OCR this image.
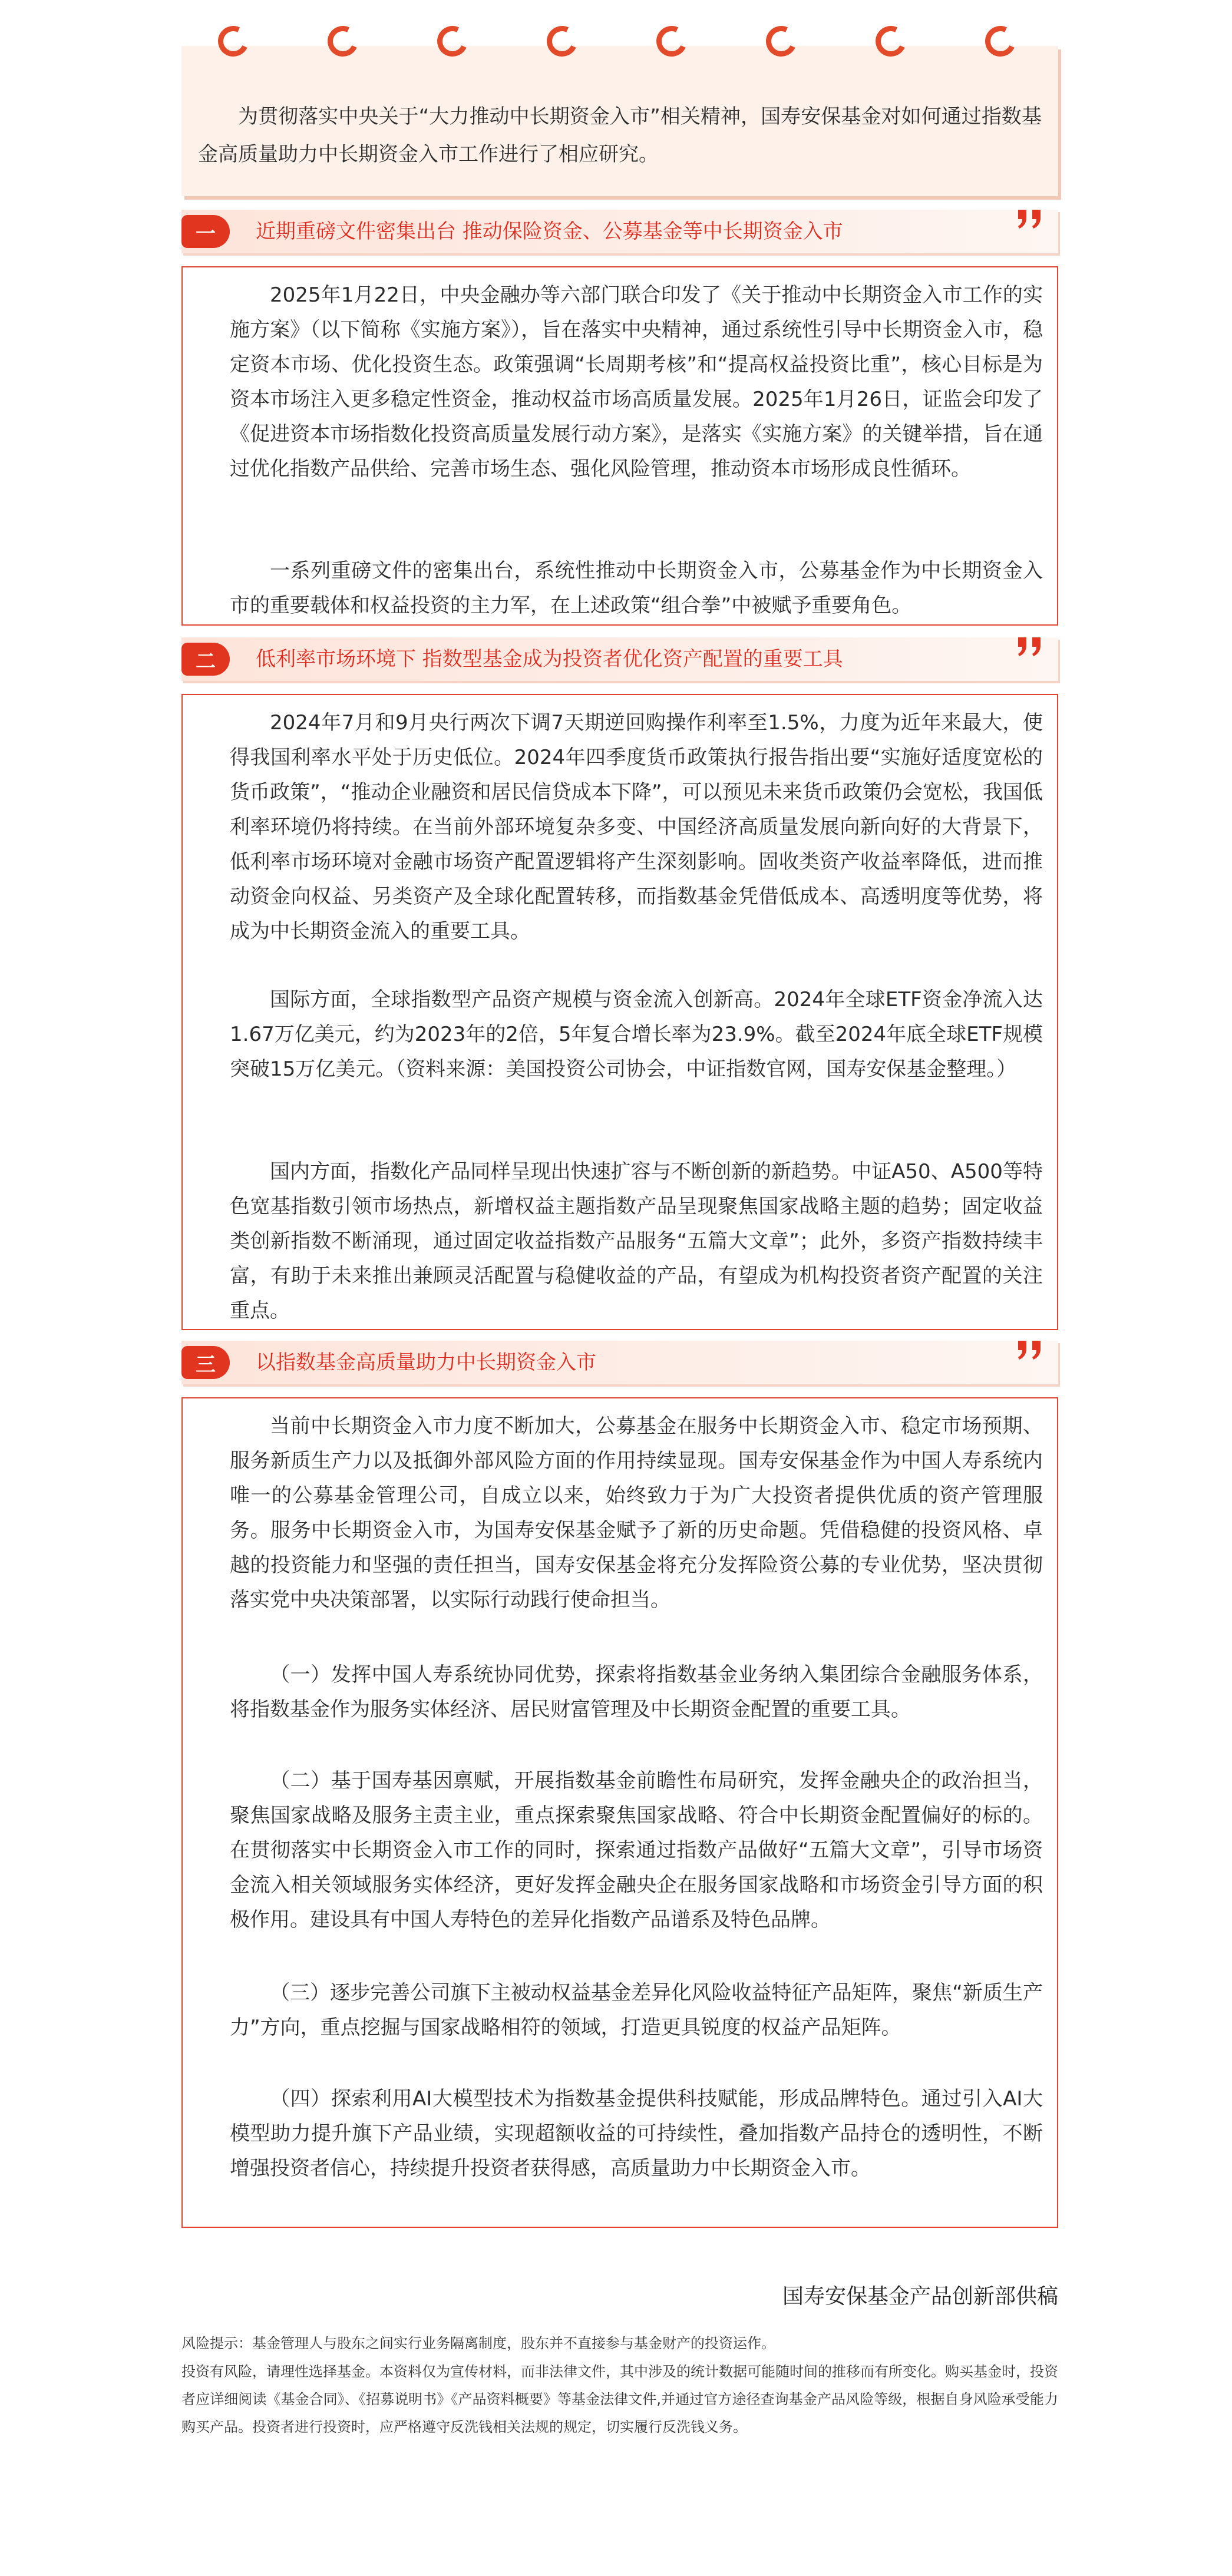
为贯彻落实中央关于“大力推动中长期资金入市”相关精神，国寿安保基金对如何通过指数基金高质量助力中长期资金入市工作进行了相应研究。
一	近期重磅文件密集出台 推动保险资金、公募基金等中长期资金入市

2025年1月22日，中央金融办等六部门联合印发了《关于推动中长期资金入市工作的实施方案》（以下简称《实施方案》），旨在落实中央精神，通过系统性引导中长期资金入市，稳定资本市场、优化投资生态。政策强调“长周期考核”和“提高权益投资比重”，核心目标是为资本市场注入更多稳定性资金，推动权益市场高质量发展。2025年1月26日，证监会印发了《促进资本市场指数化投资高质量发展行动方案》，是落实《实施方案》的关键举措，旨在通过优化指数产品供给、完善市场生态、强化风险管理，推动资本市场形成良性循环。

一系列重磅文件的密集出台，系统性推动中长期资金入市，公募基金作为中长期资金入市的重要载体和权益投资的主力军，在上述政策“组合拳”中被赋予重要角色。

二	低利率市场环境下 指数型基金成为投资者优化资产配置的重要工具

2024年7月和9月央行两次下调7天期逆回购操作利率至1.5%，力度为近年来最大，使得我国利率水平处于历史低位。2024年四季度货币政策执行报告指出要“实施好适度宽松的货币政策”，“推动企业融资和居民信贷成本下降”，可以预见未来货币政策仍会宽松，我国低利率环境仍将持续。在当前外部环境复杂多变、中国经济高质量发展向新向好的大背景下，低利率市场环境对金融市场资产配置逻辑将产生深刻影响。固收类资产收益率降低，进而推动资金向权益、另类资产及全球化配置转移，而指数基金凭借低成本、高透明度等优势，将成为中长期资金流入的重要工具。

国际方面，全球指数型产品资产规模与资金流入创新高。2024年全球ETF资金净流入达1.67万亿美元，约为2023年的2倍，5年复合增长率为23.9%。截至2024年底全球ETF规模突破15万亿美元。（资料来源：美国投资公司协会，中证指数官网，国寿安保基金整理。）

国内方面，指数化产品同样呈现出快速扩容与不断创新的新趋势。中证A50、A500等特色宽基指数引领市场热点，新增权益主题指数产品呈现聚焦国家战略主题的趋势；固定收益类创新指数不断涌现，通过固定收益指数产品服务“五篇大文章”；此外，多资产指数持续丰富，有助于未来推出兼顾灵活配置与稳健收益的产品，有望成为机构投资者资产配置的关注重点。

三	以指数基金高质量助力中长期资金入市

当前中长期资金入市力度不断加大，公募基金在服务中长期资金入市、稳定市场预期、服务新质生产力以及抵御外部风险方面的作用持续显现。国寿安保基金作为中国人寿系统内唯一的公募基金管理公司，自成立以来，始终致力于为广大投资者提供优质的资产管理服务。服务中长期资金入市，为国寿安保基金赋予了新的历史命题。凭借稳健的投资风格、卓越的投资能力和坚强的责任担当，国寿安保基金将充分发挥险资公募的专业优势，坚决贯彻落实党中央决策部署，以实际行动践行使命担当。

（一）发挥中国人寿系统协同优势，探索将指数基金业务纳入集团综合金融服务体系，将指数基金作为服务实体经济、居民财富管理及中长期资金配置的重要工具。

（二）基于国寿基因禀赋，开展指数基金前瞻性布局研究，发挥金融央企的政治担当，聚焦国家战略及服务主责主业，重点探索聚焦国家战略、符合中长期资金配置偏好的标的。在贯彻落实中长期资金入市工作的同时，探索通过指数产品做好“五篇大文章”，引导市场资金流入相关领域服务实体经济，更好发挥金融央企在服务国家战略和市场资金引导方面的积极作用。建设具有中国人寿特色的差异化指数产品谱系及特色品牌。

（三）逐步完善公司旗下主被动权益基金差异化风险收益特征产品矩阵，聚焦“新质生产力”方向，重点挖掘与国家战略相符的领域，打造更具锐度的权益产品矩阵。

（四）探索利用AI大模型技术为指数基金提供科技赋能，形成品牌特色。通过引入AI大模型助力提升旗下产品业绩，实现超额收益的可持续性，叠加指数产品持仓的透明性，不断增强投资者信心，持续提升投资者获得感，高质量助力中长期资金入市。

国寿安保基金产品创新部供稿
风险提示：基金管理人与股东之间实行业务隔离制度，股东并不直接参与基金财产的投资运作。
投资有风险，请理性选择基金。本资料仅为宣传材料，而非法律文件，其中涉及的统计数据可能随时间的推移而有所变化。购买基金时，投资者应详细阅读《基金合同》、《招募说明书》《产品资料概要》等基金法律文件,并通过官方途径查询基金产品风险等级，根据自身风险承受能力购买产品。投资者进行投资时，应严格遵守反洗钱相关法规的规定，切实履行反洗钱义务。
